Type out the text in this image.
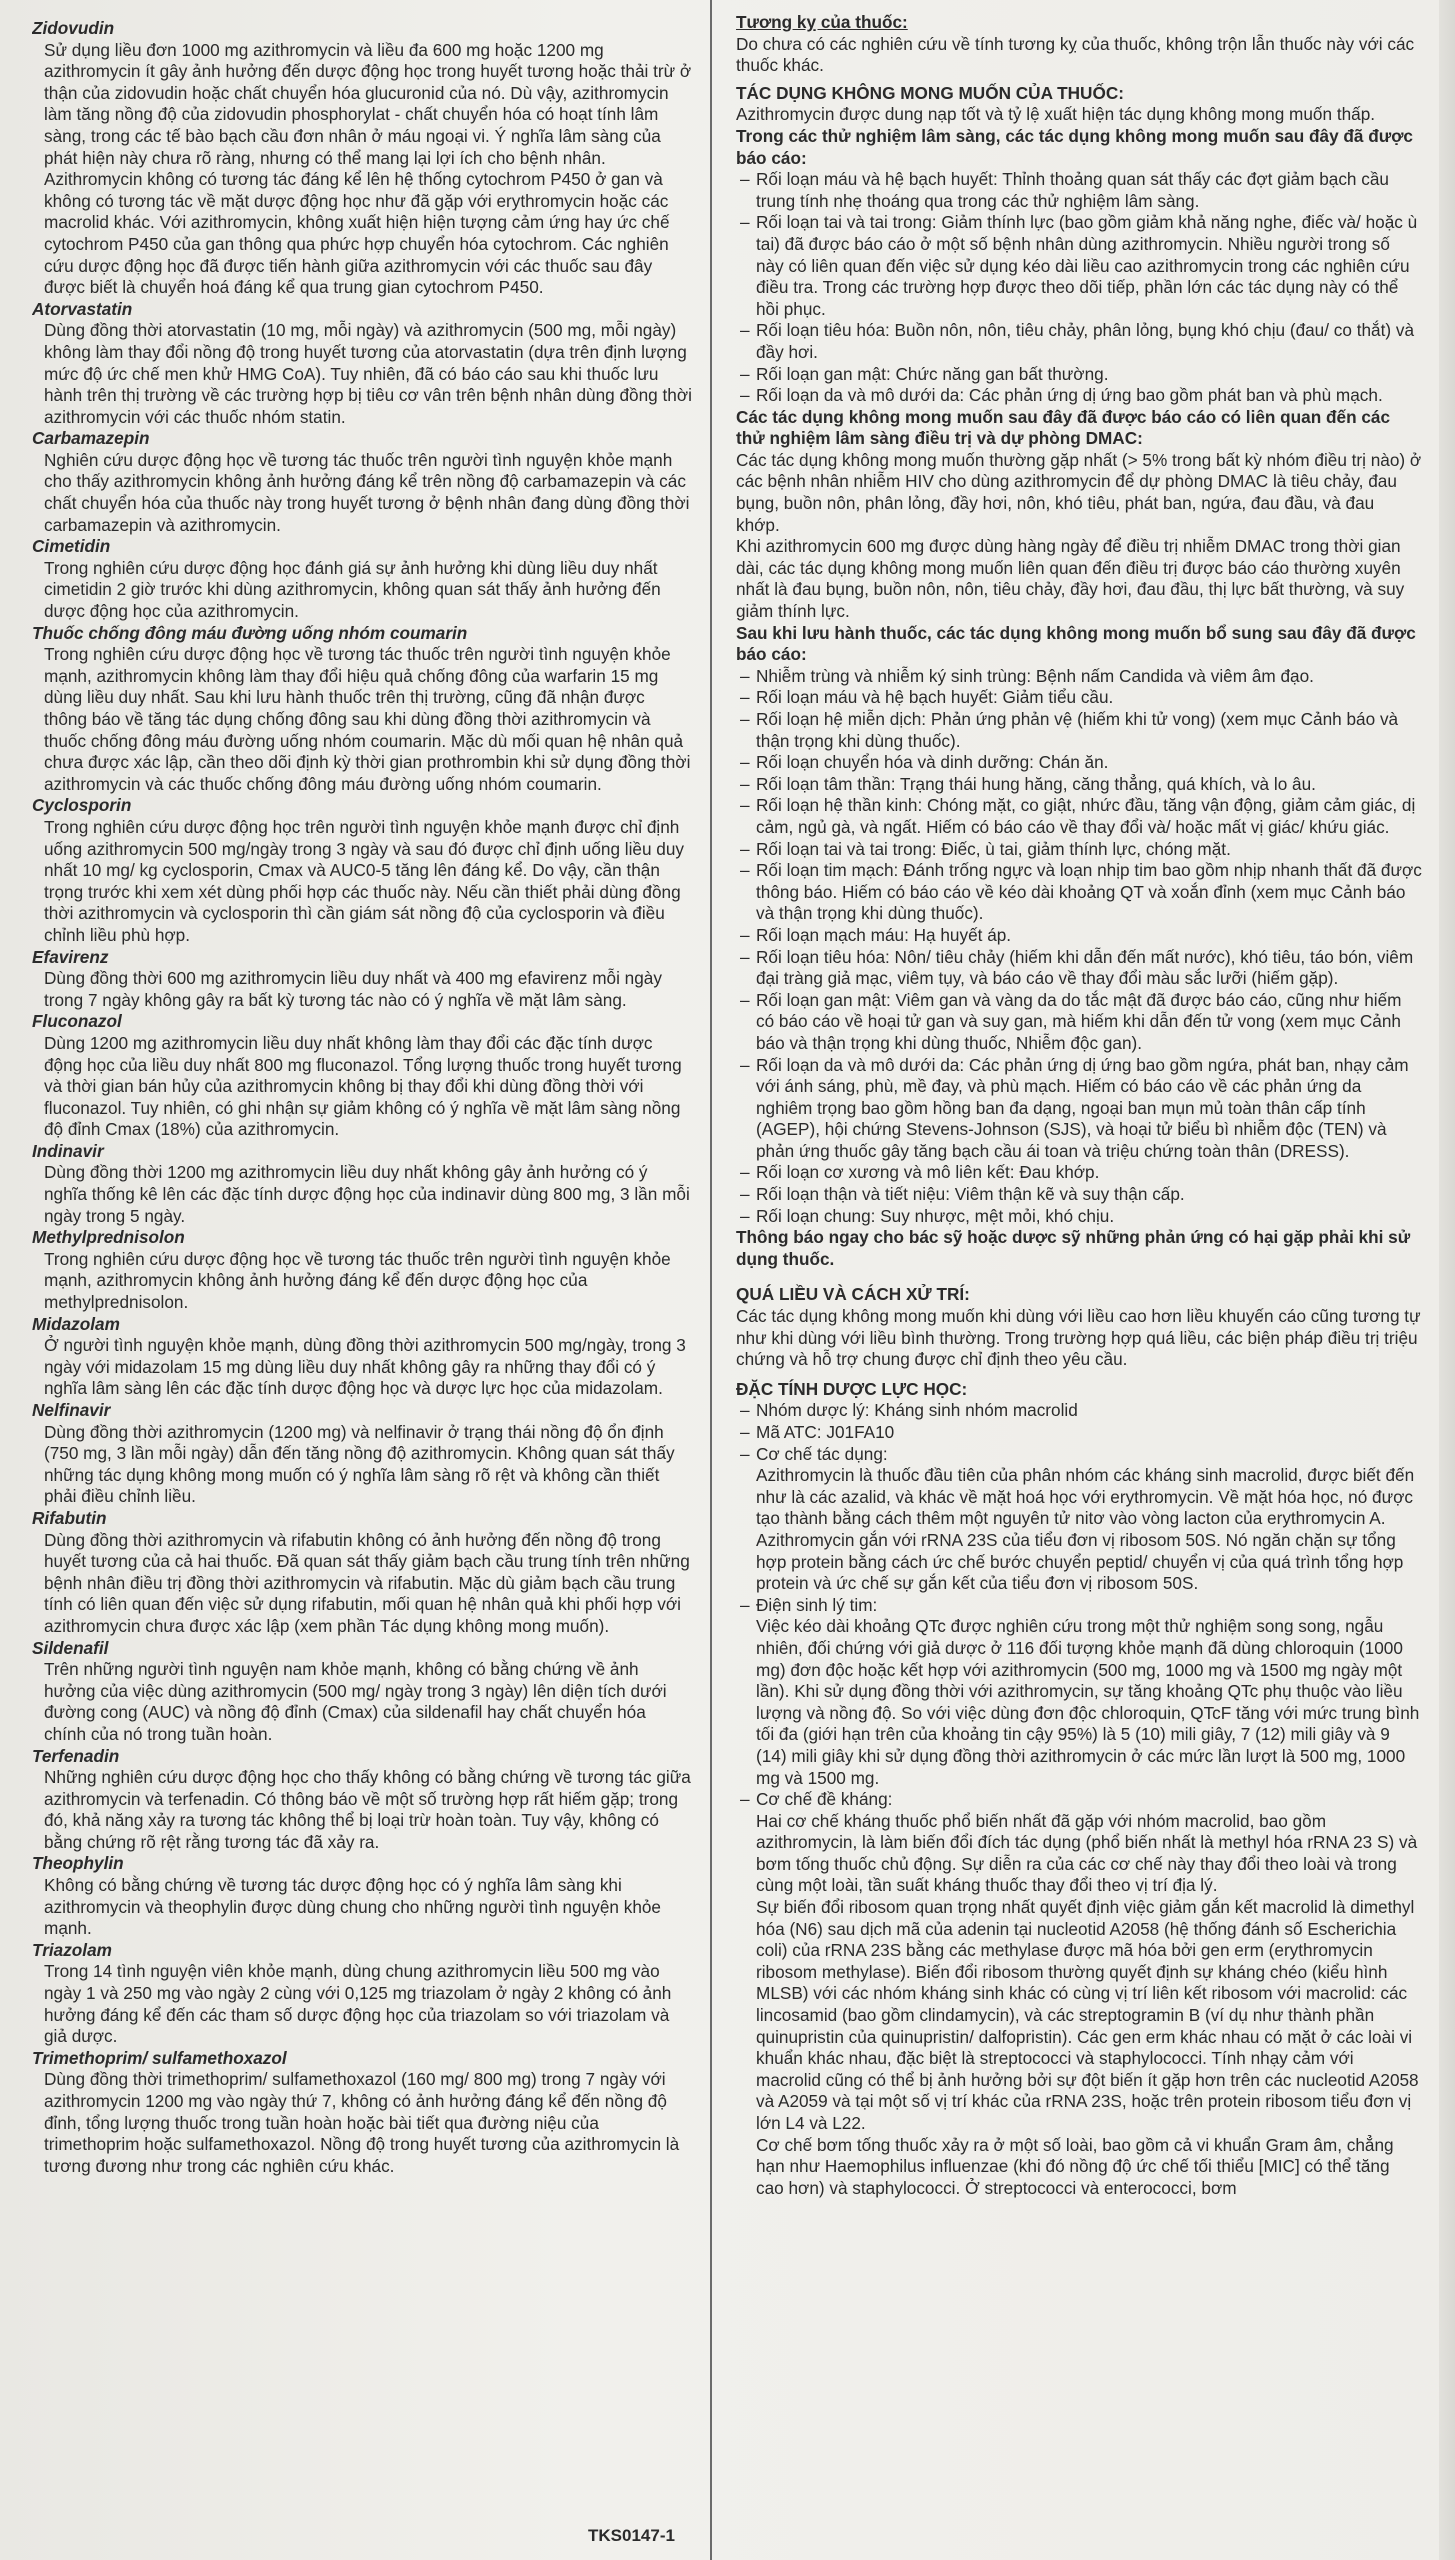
Zidovudin

Sử dụng liều đơn 1000 mg azithromycin và liều đa 600 mg hoặc 1200 mg azithromycin ít gây ảnh hưởng đến dược động học trong huyết tương hoặc thải trừ ở thận của zidovudin hoặc chất chuyển hóa glucuronid của nó. Dù vậy, azithromycin làm tăng nồng độ của zidovudin phosphorylat - chất chuyển hóa có hoạt tính lâm sàng, trong các tế bào bạch cầu đơn nhân ở máu ngoại vi. Ý nghĩa lâm sàng của phát hiện này chưa rõ ràng, nhưng có thể mang lại lợi ích cho bệnh nhân. Azithromycin không có tương tác đáng kể lên hệ thống cytochrom P450 ở gan và không có tương tác về mặt dược động học như đã gặp với erythromycin hoặc các macrolid khác. Với azithromycin, không xuất hiện hiện tượng cảm ứng hay ức chế cytochrom P450 của gan thông qua phức hợp chuyển hóa cytochrom. Các nghiên cứu dược động học đã được tiến hành giữa azithromycin với các thuốc sau đây được biết là chuyển hoá đáng kể qua trung gian cytochrom P450.

Atorvastatin

Dùng đồng thời atorvastatin (10 mg, mỗi ngày) và azithromycin (500 mg, mỗi ngày) không làm thay đổi nồng độ trong huyết tương của atorvastatin (dựa trên định lượng mức độ ức chế men khử HMG CoA). Tuy nhiên, đã có báo cáo sau khi thuốc lưu hành trên thị trường về các trường hợp bị tiêu cơ vân trên bệnh nhân dùng đồng thời azithromycin với các thuốc nhóm statin.

Carbamazepin

Nghiên cứu dược động học về tương tác thuốc trên người tình nguyện khỏe mạnh cho thấy azithromycin không ảnh hưởng đáng kể trên nồng độ carbamazepin và các chất chuyển hóa của thuốc này trong huyết tương ở bệnh nhân đang dùng đồng thời carbamazepin và azithromycin.

Cimetidin

Trong nghiên cứu dược động học đánh giá sự ảnh hưởng khi dùng liều duy nhất cimetidin 2 giờ trước khi dùng azithromycin, không quan sát thấy ảnh hưởng đến dược động học của azithromycin.

Thuốc chống đông máu đường uống nhóm coumarin

Trong nghiên cứu dược động học về tương tác thuốc trên người tình nguyện khỏe mạnh, azithromycin không làm thay đổi hiệu quả chống đông của warfarin 15 mg dùng liều duy nhất. Sau khi lưu hành thuốc trên thị trường, cũng đã nhận được thông báo về tăng tác dụng chống đông sau khi dùng đồng thời azithromycin và thuốc chống đông máu đường uống nhóm coumarin. Mặc dù mối quan hệ nhân quả chưa được xác lập, cần theo dõi định kỳ thời gian prothrombin khi sử dụng đồng thời azithromycin và các thuốc chống đông máu đường uống nhóm coumarin.

Cyclosporin

Trong nghiên cứu dược động học trên người tình nguyện khỏe mạnh được chỉ định uống azithromycin 500 mg/ngày trong 3 ngày và sau đó được chỉ định uống liều duy nhất 10 mg/ kg cyclosporin, Cmax và AUC0-5 tăng lên đáng kể. Do vậy, cần thận trọng trước khi xem xét dùng phối hợp các thuốc này. Nếu cần thiết phải dùng đồng thời azithromycin và cyclosporin thì cần giám sát nồng độ của cyclosporin và điều chỉnh liều phù hợp.

Efavirenz

Dùng đồng thời 600 mg azithromycin liều duy nhất và 400 mg efavirenz mỗi ngày trong 7 ngày không gây ra bất kỳ tương tác nào có ý nghĩa về mặt lâm sàng.

Fluconazol

Dùng 1200 mg azithromycin liều duy nhất không làm thay đổi các đặc tính dược động học của liều duy nhất 800 mg fluconazol. Tổng lượng thuốc trong huyết tương và thời gian bán hủy của azithromycin không bị thay đổi khi dùng đồng thời với fluconazol. Tuy nhiên, có ghi nhận sự giảm không có ý nghĩa về mặt lâm sàng nồng độ đỉnh Cmax (18%) của azithromycin.

Indinavir

Dùng đồng thời 1200 mg azithromycin liều duy nhất không gây ảnh hưởng có ý nghĩa thống kê lên các đặc tính dược động học của indinavir dùng 800 mg, 3 lần mỗi ngày trong 5 ngày.

Methylprednisolon

Trong nghiên cứu dược động học về tương tác thuốc trên người tình nguyện khỏe mạnh, azithromycin không ảnh hưởng đáng kể đến dược động học của methylprednisolon.

Midazolam

Ở người tình nguyện khỏe mạnh, dùng đồng thời azithromycin 500 mg/ngày, trong 3 ngày với midazolam 15 mg dùng liều duy nhất không gây ra những thay đổi có ý nghĩa lâm sàng lên các đặc tính dược động học và dược lực học của midazolam.

Nelfinavir

Dùng đồng thời azithromycin (1200 mg) và nelfinavir ở trạng thái nồng độ ổn định (750 mg, 3 lần mỗi ngày) dẫn đến tăng nồng độ azithromycin. Không quan sát thấy những tác dụng không mong muốn có ý nghĩa lâm sàng rõ rệt và không cần thiết phải điều chỉnh liều.

Rifabutin

Dùng đồng thời azithromycin và rifabutin không có ảnh hưởng đến nồng độ trong huyết tương của cả hai thuốc. Đã quan sát thấy giảm bạch cầu trung tính trên những bệnh nhân điều trị đồng thời azithromycin và rifabutin. Mặc dù giảm bạch cầu trung tính có liên quan đến việc sử dụng rifabutin, mối quan hệ nhân quả khi phối hợp với azithromycin chưa được xác lập (xem phần Tác dụng không mong muốn).

Sildenafil

Trên những người tình nguyện nam khỏe mạnh, không có bằng chứng về ảnh hưởng của việc dùng azithromycin (500 mg/ ngày trong 3 ngày) lên diện tích dưới đường cong (AUC) và nồng độ đỉnh (Cmax) của sildenafil hay chất chuyển hóa chính của nó trong tuần hoàn.

Terfenadin

Những nghiên cứu dược động học cho thấy không có bằng chứng về tương tác giữa azithromycin và terfenadin. Có thông báo về một số trường hợp rất hiếm gặp; trong đó, khả năng xảy ra tương tác không thể bị loại trừ hoàn toàn. Tuy vậy, không có bằng chứng rõ rệt rằng tương tác đã xảy ra.

Theophylin

Không có bằng chứng về tương tác dược động học có ý nghĩa lâm sàng khi azithromycin và theophylin được dùng chung cho những người tình nguyện khỏe mạnh.

Triazolam

Trong 14 tình nguyện viên khỏe mạnh, dùng chung azithromycin liều 500 mg vào ngày 1 và 250 mg vào ngày 2 cùng với 0,125 mg triazolam ở ngày 2 không có ảnh hưởng đáng kể đến các tham số dược động học của triazolam so với triazolam và giả dược.

Trimethoprim/ sulfamethoxazol

Dùng đồng thời trimethoprim/ sulfamethoxazol (160 mg/ 800 mg) trong 7 ngày với azithromycin 1200 mg vào ngày thứ 7, không có ảnh hưởng đáng kể đến nồng độ đỉnh, tổng lượng thuốc trong tuần hoàn hoặc bài tiết qua đường niệu của trimethoprim hoặc sulfamethoxazol. Nồng độ trong huyết tương của azithromycin là tương đương như trong các nghiên cứu khác.

Tương kỵ của thuốc:

Do chưa có các nghiên cứu về tính tương kỵ của thuốc, không trộn lẫn thuốc này với các thuốc khác.

TÁC DỤNG KHÔNG MONG MUỐN CỦA THUỐC:

Azithromycin được dung nạp tốt và tỷ lệ xuất hiện tác dụng không mong muốn thấp.

Trong các thử nghiệm lâm sàng, các tác dụng không mong muốn sau đây đã được báo cáo:
– Rối loạn máu và hệ bạch huyết: Thỉnh thoảng quan sát thấy các đợt giảm bạch cầu trung tính nhẹ thoáng qua trong các thử nghiệm lâm sàng.
– Rối loạn tai và tai trong: Giảm thính lực (bao gồm giảm khả năng nghe, điếc và/ hoặc ù tai) đã được báo cáo ở một số bệnh nhân dùng azithromycin. Nhiều người trong số này có liên quan đến việc sử dụng kéo dài liều cao azithromycin trong các nghiên cứu điều tra. Trong các trường hợp được theo dõi tiếp, phần lớn các tác dụng này có thể hồi phục.
– Rối loạn tiêu hóa: Buồn nôn, nôn, tiêu chảy, phân lỏng, bụng khó chịu (đau/ co thắt) và đầy hơi.
– Rối loạn gan mật: Chức năng gan bất thường.
– Rối loạn da và mô dưới da: Các phản ứng dị ứng bao gồm phát ban và phù mạch.
Các tác dụng không mong muốn sau đây đã được báo cáo có liên quan đến các thử nghiệm lâm sàng điều trị và dự phòng DMAC:

Các tác dụng không mong muốn thường gặp nhất (> 5% trong bất kỳ nhóm điều trị nào) ở các bệnh nhân nhiễm HIV cho dùng azithromycin để dự phòng DMAC là tiêu chảy, đau bụng, buồn nôn, phân lỏng, đầy hơi, nôn, khó tiêu, phát ban, ngứa, đau đầu, và đau khớp.

Khi azithromycin 600 mg được dùng hàng ngày để điều trị nhiễm DMAC trong thời gian dài, các tác dụng không mong muốn liên quan đến điều trị được báo cáo thường xuyên nhất là đau bụng, buồn nôn, nôn, tiêu chảy, đầy hơi, đau đầu, thị lực bất thường, và suy giảm thính lực.

Sau khi lưu hành thuốc, các tác dụng không mong muốn bổ sung sau đây đã được báo cáo:
– Nhiễm trùng và nhiễm ký sinh trùng: Bệnh nấm Candida và viêm âm đạo.
– Rối loạn máu và hệ bạch huyết: Giảm tiểu cầu.
– Rối loạn hệ miễn dịch: Phản ứng phản vệ (hiếm khi tử vong) (xem mục Cảnh báo và thận trọng khi dùng thuốc).
– Rối loạn chuyển hóa và dinh dưỡng: Chán ăn.
– Rối loạn tâm thần: Trạng thái hung hăng, căng thẳng, quá khích, và lo âu.
– Rối loạn hệ thần kinh: Chóng mặt, co giật, nhức đầu, tăng vận động, giảm cảm giác, dị cảm, ngủ gà, và ngất. Hiếm có báo cáo về thay đổi và/ hoặc mất vị giác/ khứu giác.
– Rối loạn tai và tai trong: Điếc, ù tai, giảm thính lực, chóng mặt.
– Rối loạn tim mạch: Đánh trống ngực và loạn nhịp tim bao gồm nhịp nhanh thất đã được thông báo. Hiếm có báo cáo về kéo dài khoảng QT và xoắn đỉnh (xem mục Cảnh báo và thận trọng khi dùng thuốc).
– Rối loạn mạch máu: Hạ huyết áp.
– Rối loạn tiêu hóa: Nôn/ tiêu chảy (hiếm khi dẫn đến mất nước), khó tiêu, táo bón, viêm đại tràng giả mạc, viêm tụy, và báo cáo về thay đổi màu sắc lưỡi (hiếm gặp).
– Rối loạn gan mật: Viêm gan và vàng da do tắc mật đã được báo cáo, cũng như hiếm có báo cáo về hoại tử gan và suy gan, mà hiếm khi dẫn đến tử vong (xem mục Cảnh báo và thận trọng khi dùng thuốc, Nhiễm độc gan).
– Rối loạn da và mô dưới da: Các phản ứng dị ứng bao gồm ngứa, phát ban, nhạy cảm với ánh sáng, phù, mề đay, và phù mạch. Hiếm có báo cáo về các phản ứng da nghiêm trọng bao gồm hồng ban đa dạng, ngoại ban mụn mủ toàn thân cấp tính (AGEP), hội chứng Stevens-Johnson (SJS), và hoại tử biểu bì nhiễm độc (TEN) và phản ứng thuốc gây tăng bạch cầu ái toan và triệu chứng toàn thân (DRESS).
– Rối loạn cơ xương và mô liên kết: Đau khớp.
– Rối loạn thận và tiết niệu: Viêm thận kẽ và suy thận cấp.
– Rối loạn chung: Suy nhược, mệt mỏi, khó chịu.
Thông báo ngay cho bác sỹ hoặc dược sỹ những phản ứng có hại gặp phải khi sử dụng thuốc.
QUÁ LIỀU VÀ CÁCH XỬ TRÍ:

Các tác dụng không mong muốn khi dùng với liều cao hơn liều khuyến cáo cũng tương tự như khi dùng với liều bình thường. Trong trường hợp quá liều, các biện pháp điều trị triệu chứng và hỗ trợ chung được chỉ định theo yêu cầu.

ĐẶC TÍNH DƯỢC LỰC HỌC:
– Nhóm dược lý: Kháng sinh nhóm macrolid
– Mã ATC: J01FA10
– Cơ chế tác dụng:

Azithromycin là thuốc đầu tiên của phân nhóm các kháng sinh macrolid, được biết đến như là các azalid, và khác về mặt hoá học với erythromycin. Về mặt hóa học, nó được tạo thành bằng cách thêm một nguyên tử nitơ vào vòng lacton của erythromycin A.

Azithromycin gắn với rRNA 23S của tiểu đơn vị ribosom 50S. Nó ngăn chặn sự tổng hợp protein bằng cách ức chế bước chuyển peptid/ chuyển vị của quá trình tổng hợp protein và ức chế sự gắn kết của tiểu đơn vị ribosom 50S.

– Điện sinh lý tim:

Việc kéo dài khoảng QTc được nghiên cứu trong một thử nghiệm song song, ngẫu nhiên, đối chứng với giả dược ở 116 đối tượng khỏe mạnh đã dùng chloroquin (1000 mg) đơn độc hoặc kết hợp với azithromycin (500 mg, 1000 mg và 1500 mg ngày một lần). Khi sử dụng đồng thời với azithromycin, sự tăng khoảng QTc phụ thuộc vào liều lượng và nồng độ. So với việc dùng đơn độc chloroquin, QTcF tăng với mức trung bình tối đa (giới hạn trên của khoảng tin cậy 95%) là 5 (10) mili giây, 7 (12) mili giây và 9 (14) mili giây khi sử dụng đồng thời azithromycin ở các mức lần lượt là 500 mg, 1000 mg và 1500 mg.

– Cơ chế đề kháng:

Hai cơ chế kháng thuốc phổ biến nhất đã gặp với nhóm macrolid, bao gồm azithromycin, là làm biến đổi đích tác dụng (phổ biến nhất là methyl hóa rRNA 23 S) và bơm tống thuốc chủ động. Sự diễn ra của các cơ chế này thay đổi theo loài và trong cùng một loài, tần suất kháng thuốc thay đổi theo vị trí địa lý.

Sự biến đổi ribosom quan trọng nhất quyết định việc giảm gắn kết macrolid là dimethyl hóa (N6) sau dịch mã của adenin tại nucleotid A2058 (hệ thống đánh số Escherichia coli) của rRNA 23S bằng các methylase được mã hóa bởi gen erm (erythromycin ribosom methylase). Biến đổi ribosom thường quyết định sự kháng chéo (kiểu hình MLSB) với các nhóm kháng sinh khác có cùng vị trí liên kết ribosom với macrolid: các lincosamid (bao gồm clindamycin), và các streptogramin B (ví dụ như thành phần quinupristin của quinupristin/ dalfopristin). Các gen erm khác nhau có mặt ở các loài vi khuẩn khác nhau, đặc biệt là streptococci và staphylococci. Tính nhạy cảm với macrolid cũng có thể bị ảnh hưởng bởi sự đột biến ít gặp hơn trên các nucleotid A2058 và A2059 và tại một số vị trí khác của rRNA 23S, hoặc trên protein ribosom tiểu đơn vị lớn L4 và L22.

Cơ chế bơm tống thuốc xảy ra ở một số loài, bao gồm cả vi khuẩn Gram âm, chẳng hạn như Haemophilus influenzae (khi đó nồng độ ức chế tối thiểu [MIC] có thể tăng cao hơn) và staphylococci. Ở streptococci và enterococci, bơm

TKS0147-1
